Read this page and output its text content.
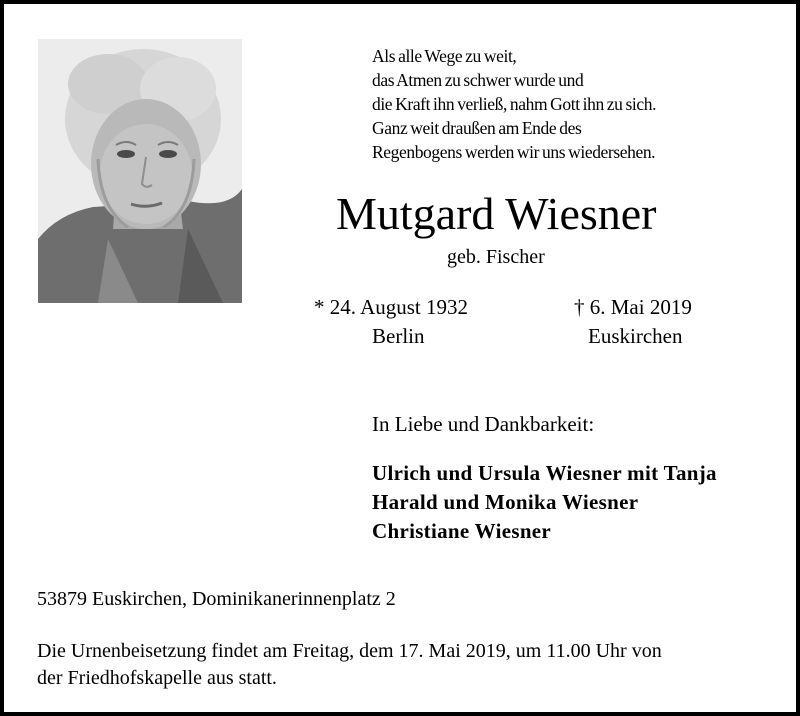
Als alle Wege zu weit,
das Atmen zu schwer wurde und
die Kraft ihn verließ, nahm Gott ihn zu sich.
Ganz weit draußen am Ende des
Regenbogens werden wir uns wiedersehen.
Mutgard Wiesner
geb. Fischer
* 24. August 1932
Berlin
† 6. Mai 2019
Euskirchen
In Liebe und Dankbarkeit:
Ulrich und Ursula Wiesner mit Tanja
Harald und Monika Wiesner
Christiane Wiesner
53879 Euskirchen, Dominikanerinnenplatz 2
Die Urnenbeisetzung findet am Freitag, dem 17. Mai 2019, um 11.00 Uhr von
der Friedhofskapelle aus statt.
